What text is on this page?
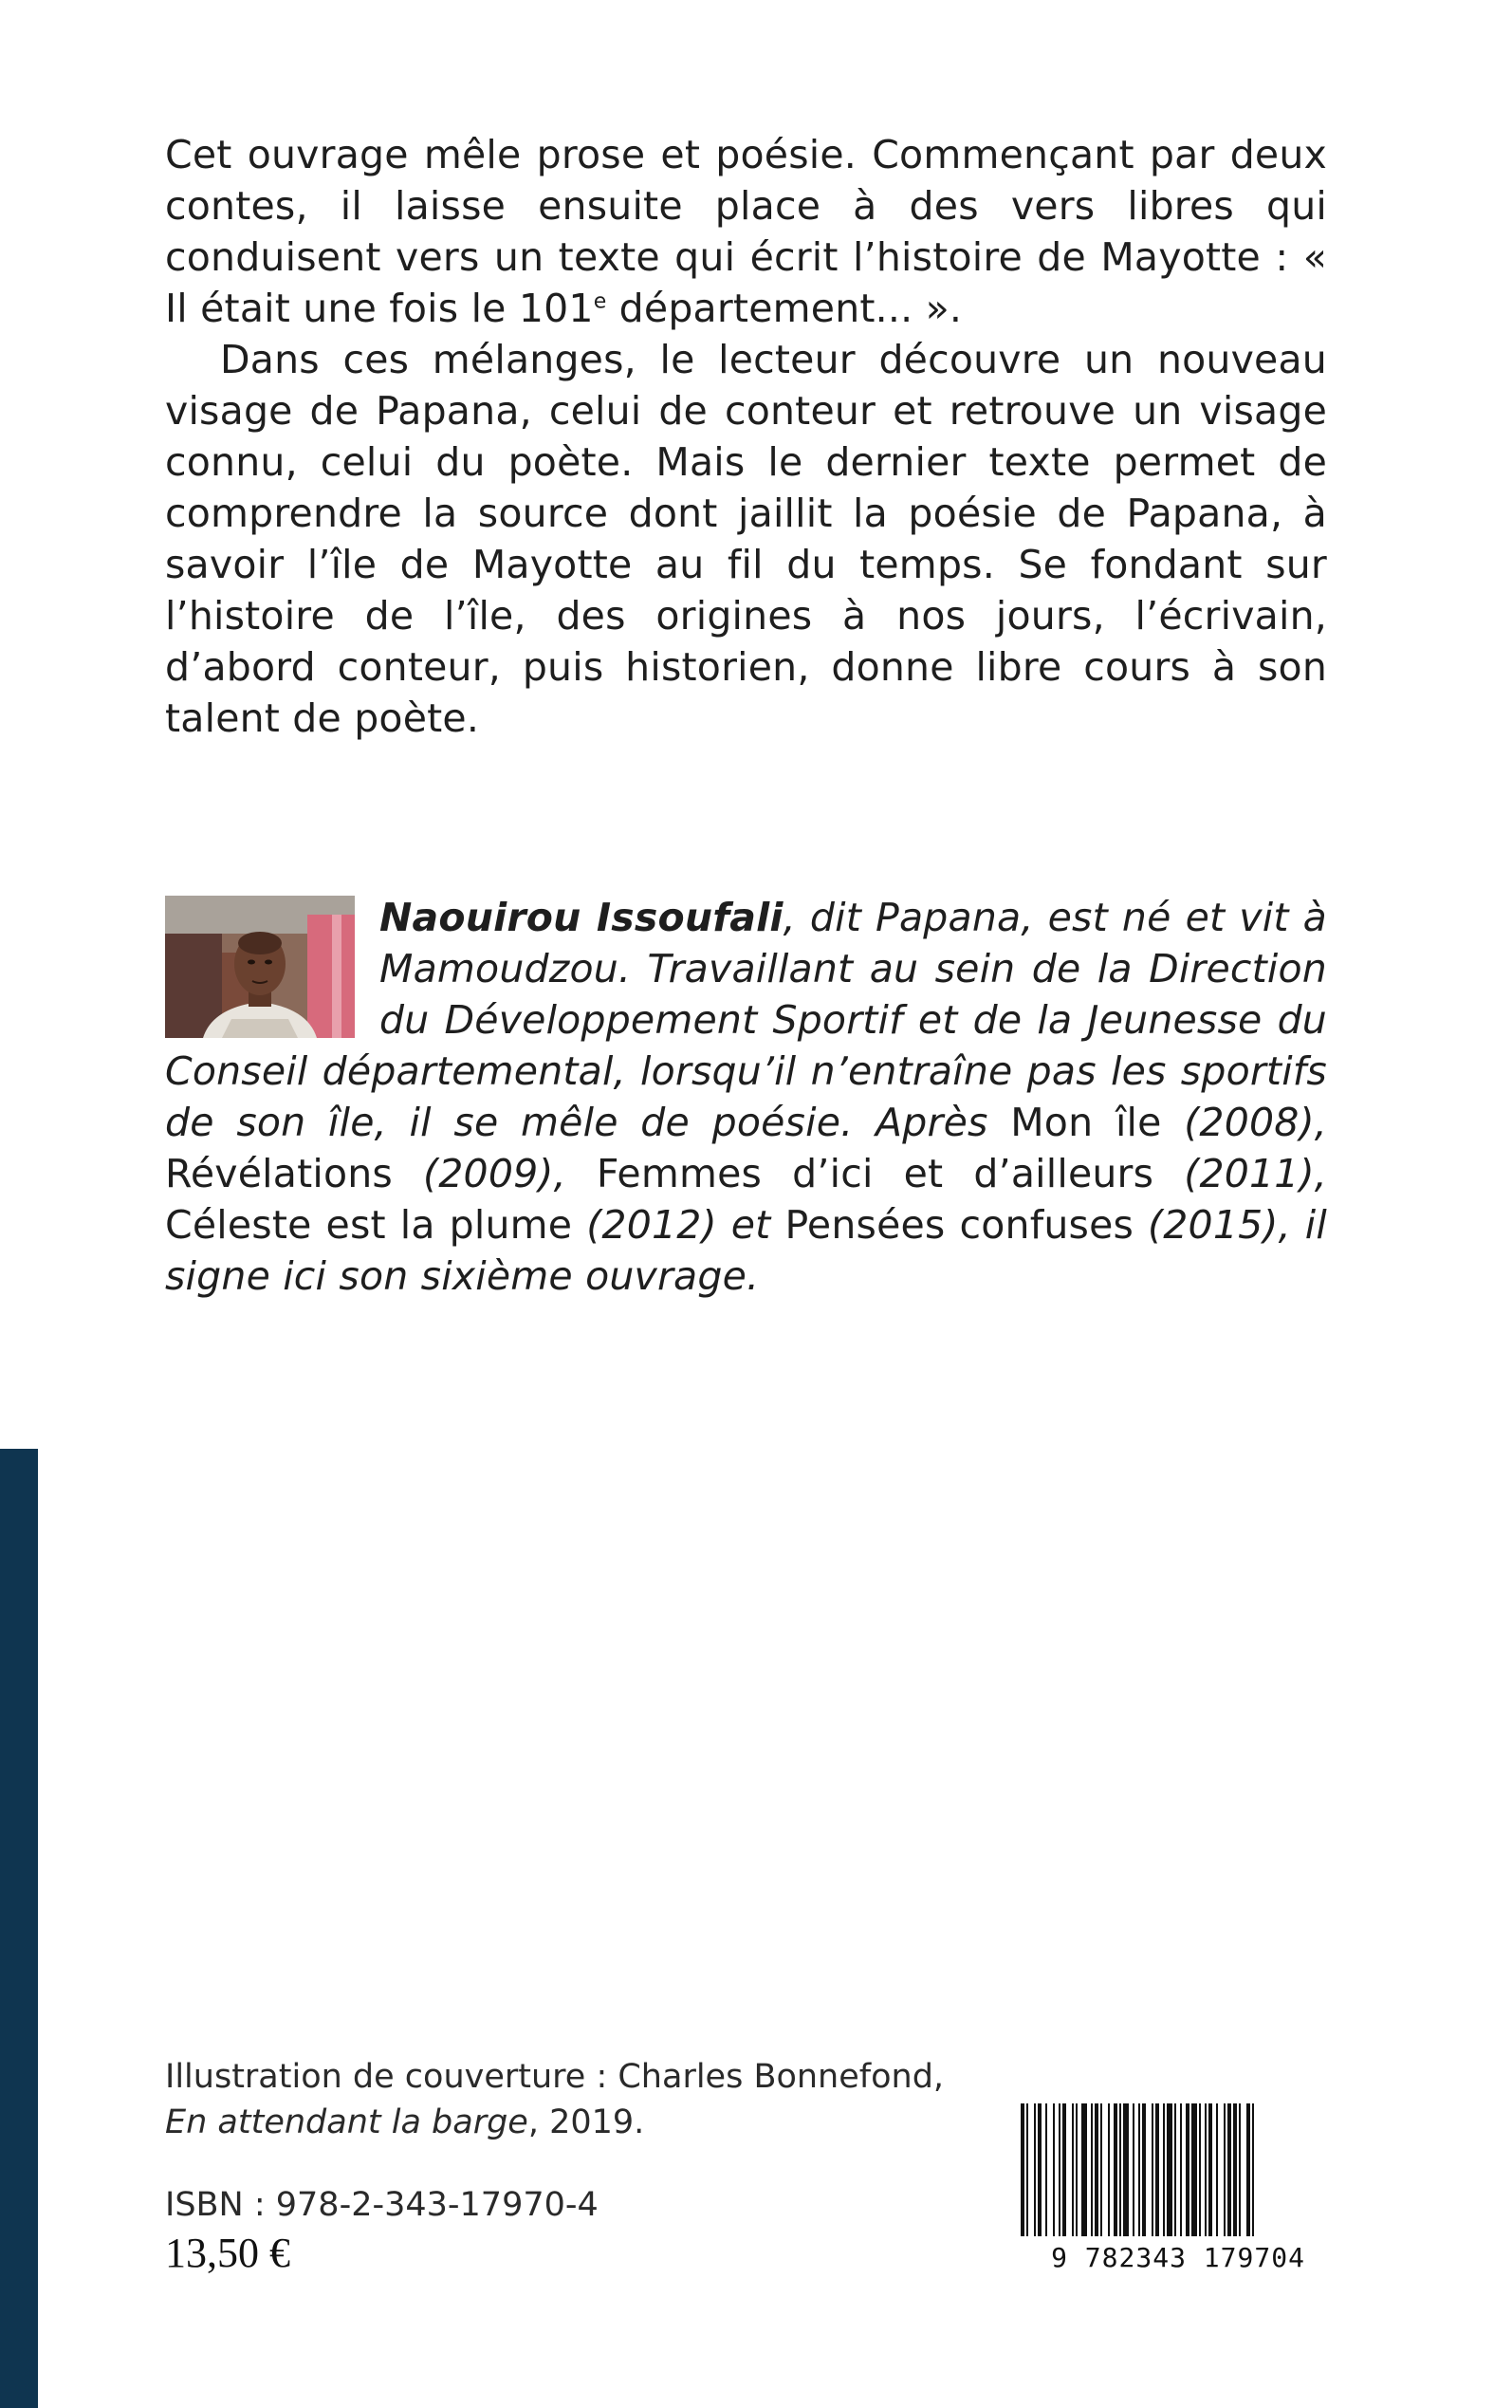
Cet ouvrage mêle prose et poésie. Commençant par deux contes, il laisse ensuite place à des vers libres qui conduisent vers un texte qui écrit l’histoire de Mayotte : « Il était une fois le 101e département... ».

Dans ces mélanges, le lecteur découvre un nouveau visage de Papana, celui de conteur et retrouve un visage connu, celui du poète. Mais le dernier texte permet de comprendre la source dont jaillit la poésie de Papana, à savoir l’île de Mayotte au fil du temps. Se fondant sur l’histoire de l’île, des origines à nos jours, l’écrivain, d’abord conteur, puis historien, donne libre cours à son talent de poète.

Naouirou Issoufali, dit Papana, est né et vit à Mamoudzou. Travaillant au sein de la Direction du Développement Sportif et de la Jeunesse du Conseil départemental, lorsqu’il n’entraîne pas les sportifs de son île, il se mêle de poésie. Après Mon île (2008), Révélations (2009), Femmes d’ici et d’ailleurs (2011), Céleste est la plume (2012) et Pensées confuses (2015), il signe ici son sixième ouvrage.
Illustration de couverture : Charles Bonnefond,
En attendant la barge, 2019.
ISBN : 978-2-343-17970-4
13,50 €	9 782343 179704
